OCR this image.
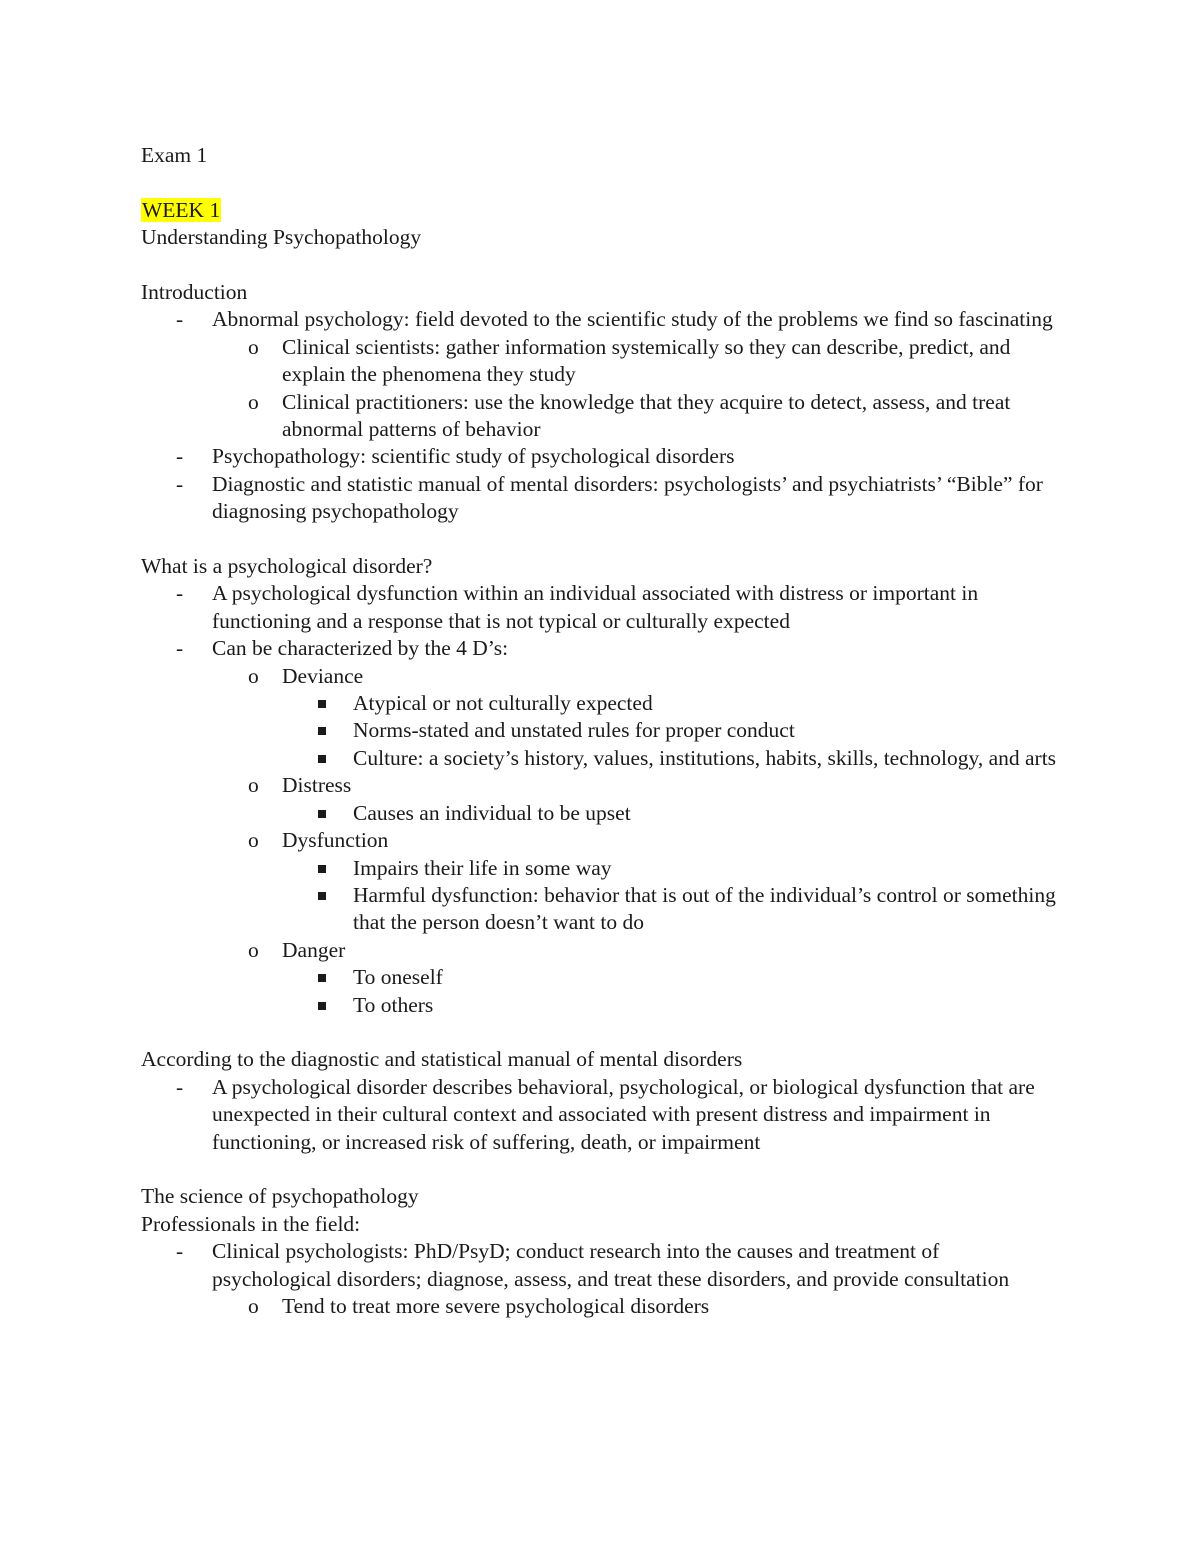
Exam 1
WEEK 1
Understanding Psychopathology
Introduction
- Abnormal psychology: field devoted to the scientific study of the problems we find so fascinating
o Clinical scientists: gather information systemically so they can describe, predict, and explain the phenomena they study
o Clinical practitioners: use the knowledge that they acquire to detect, assess, and treat abnormal patterns of behavior
- Psychopathology: scientific study of psychological disorders
- Diagnostic and statistic manual of mental disorders: psychologists’ and psychiatrists’ “Bible” for diagnosing psychopathology
What is a psychological disorder?
- A psychological dysfunction within an individual associated with distress or important in functioning and a response that is not typical or culturally expected
- Can be characterized by the 4 D’s:
o Deviance
Atypical or not culturally expected
Norms-stated and unstated rules for proper conduct
Culture: a society’s history, values, institutions, habits, skills, technology, and arts
o Distress
Causes an individual to be upset
o Dysfunction
Impairs their life in some way
Harmful dysfunction: behavior that is out of the individual’s control or something that the person doesn’t want to do
o Danger
To oneself
To others
According to the diagnostic and statistical manual of mental disorders
- A psychological disorder describes behavioral, psychological, or biological dysfunction that are unexpected in their cultural context and associated with present distress and impairment in functioning, or increased risk of suffering, death, or impairment
The science of psychopathology
Professionals in the field:
- Clinical psychologists: PhD/PsyD; conduct research into the causes and treatment of psychological disorders; diagnose, assess, and treat these disorders, and provide consultation
o Tend to treat more severe psychological disorders
